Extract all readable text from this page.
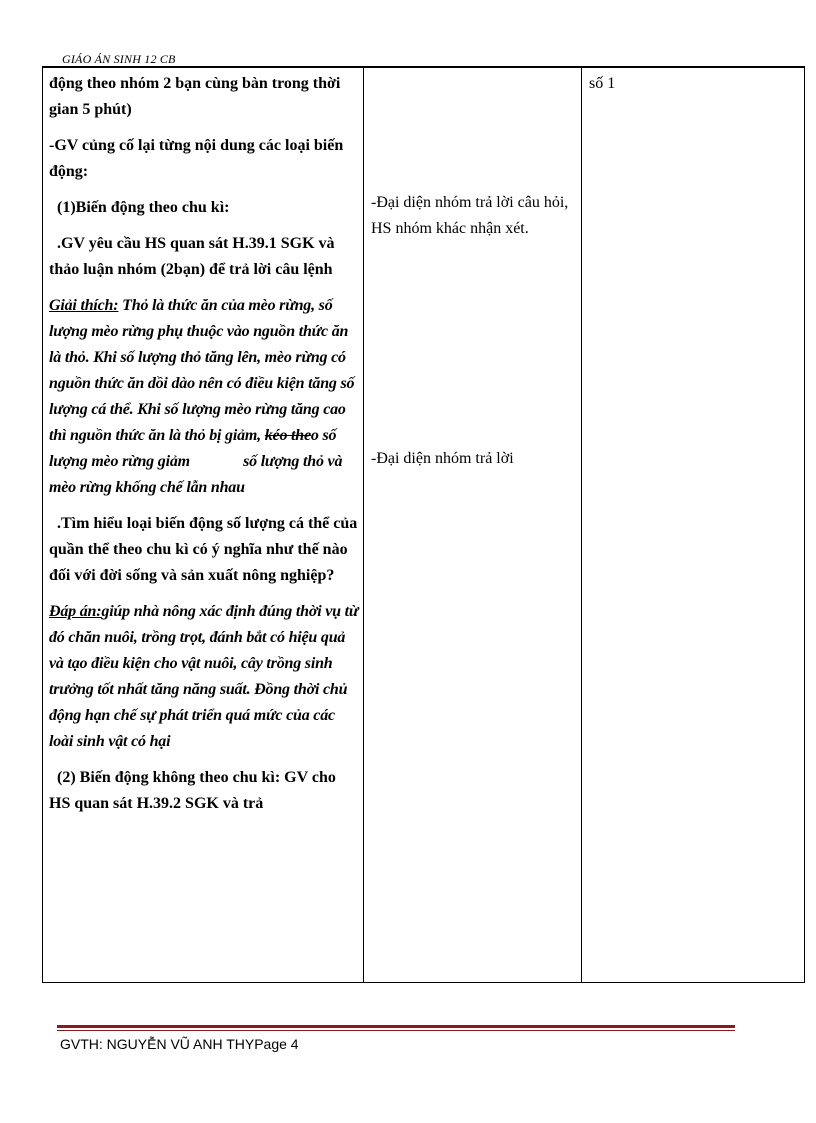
GIÁO ÁN SINH 12 CB

động theo nhóm 2 bạn cùng bàn trong thời gian 5 phút)

-GV củng cố lại từng nội dung các loại biến động:

(1)Biến động theo chu kì:

.GV yêu cầu HS quan sát H.39.1 SGK và thảo luận nhóm (2bạn) để trả lời câu lệnh

Giải thích: Thỏ là thức ăn của mèo rừng, số lượng mèo rừng phụ thuộc vào nguồn thức ăn là thỏ. Khi số lượng thỏ tăng lên, mèo rừng có nguồn thức ăn dồi dào nên có điều kiện tăng số lượng cá thể. Khi số lượng mèo rừng tăng cao thì nguồn thức ăn là thỏ bị giảm, kéo theo số lượng mèo rừng giảm              số lượng thỏ và mèo rừng khống chế lẫn nhau

.Tìm hiểu loại biến động số lượng cá thể của quần thể theo chu kì có ý nghĩa như thế nào đối với đời sống và sản xuất nông nghiệp?

Đáp án:giúp nhà nông xác định đúng thời vụ từ đó chăn nuôi, trồng trọt, đánh bắt có hiệu quả và tạo điều kiện cho vật nuôi, cây trồng sinh trưởng tốt nhất tăng năng suất. Đồng thời chủ động hạn chế sự phát triển quá mức của các loài sinh vật có hại

(2) Biến động không theo chu kì: GV cho HS quan sát H.39.2 SGK và trả

-Đại diện nhóm trả lời câu hỏi, HS nhóm khác nhận xét.
-Đại diện nhóm trả lời
số 1
GVTH: NGUYỄN VŨ ANH THYPage 4
